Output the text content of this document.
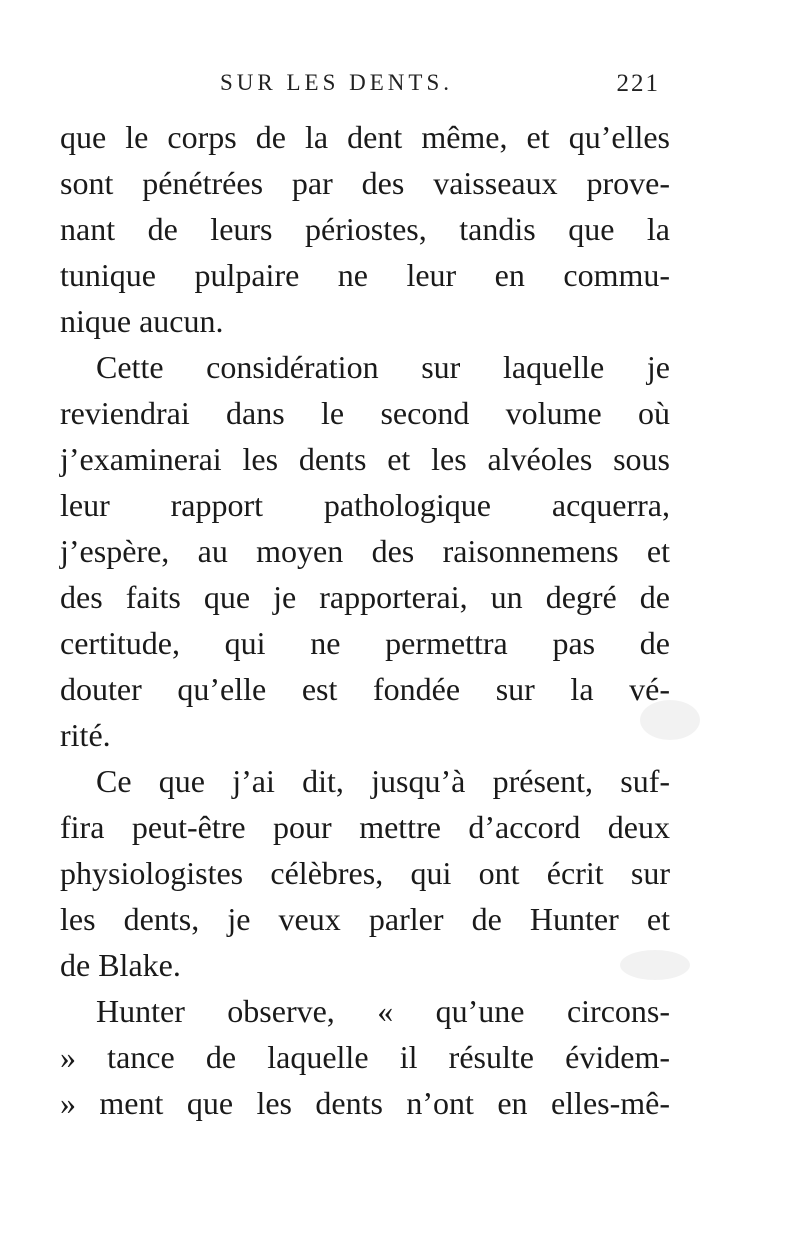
SUR LES DENTS.	221
que le corps de la dent même, et qu’elles
sont pénétrées par des vaisseaux prove-
nant de leurs périostes, tandis que la
tunique pulpaire ne leur en commu-
nique aucun.
Cette considération sur laquelle je
reviendrai dans le second volume où
j’examinerai les dents et les alvéoles sous
leur rapport pathologique acquerra,
j’espère, au moyen des raisonnemens et
des faits que je rapporterai, un degré de
certitude, qui ne permettra pas de
douter qu’elle est fondée sur la vé-
rité.
Ce que j’ai dit, jusqu’à présent, suf-
fira peut-être pour mettre d’accord deux
physiologistes célèbres, qui ont écrit sur
les dents, je veux parler de Hunter et
de Blake.
Hunter observe, « qu’une circons-
» tance de laquelle il résulte évidem-
» ment que les dents n’ont en elles-mê-
